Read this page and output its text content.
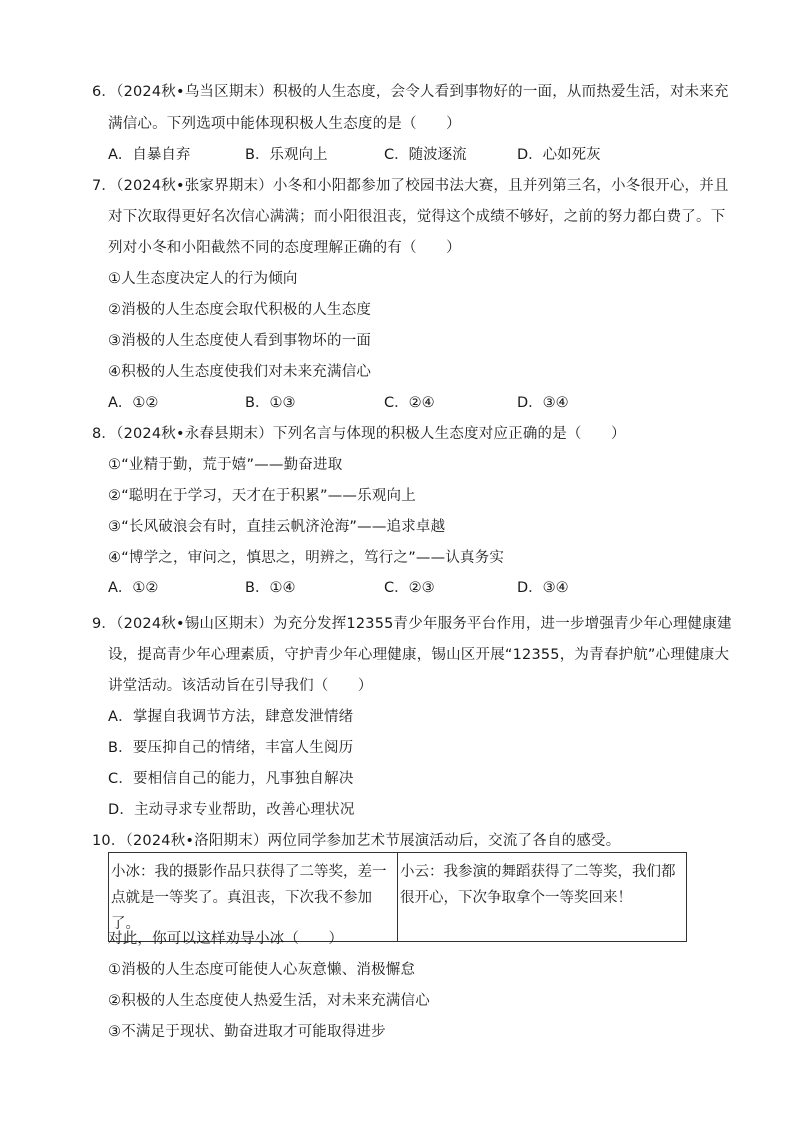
6．（2024秋•乌当区期末）积极的人生态度，会令人看到事物好的一面，从而热爱生活，对未来充
满信心。下列选项中能体现积极人生态度的是（　　）
A．自暴自弃	B．乐观向上	C．随波逐流	D．心如死灰
7．（2024秋•张家界期末）小冬和小阳都参加了校园书法大赛，且并列第三名，小冬很开心，并且
对下次取得更好名次信心满满；而小阳很沮丧，觉得这个成绩不够好，之前的努力都白费了。下
列对小冬和小阳截然不同的态度理解正确的有（　　）
①人生态度决定人的行为倾向
②消极的人生态度会取代积极的人生态度
③消极的人生态度使人看到事物坏的一面
④积极的人生态度使我们对未来充满信心
A．①②	B．①③	C．②④	D．③④
8．（2024秋•永春县期末）下列名言与体现的积极人生态度对应正确的是（　　）
①“业精于勤，荒于嬉”——勤奋进取
②“聪明在于学习，天才在于积累”——乐观向上
③“长风破浪会有时，直挂云帆济沧海”——追求卓越
④“博学之，审问之，慎思之，明辨之，笃行之”——认真务实
A．①②	B．①④	C．②③	D．③④
9．（2024秋•锡山区期末）为充分发挥12355青少年服务平台作用，进一步增强青少年心理健康建
设，提高青少年心理素质，守护青少年心理健康，锡山区开展“12355，为青春护航”心理健康大
讲堂活动。该活动旨在引导我们（　　）
A．掌握自我调节方法，肆意发泄情绪
B．要压抑自己的情绪，丰富人生阅历
C．要相信自己的能力，凡事独自解决
D．主动寻求专业帮助，改善心理状况
10．（2024秋•洛阳期末）两位同学参加艺术节展演活动后，交流了各自的感受。
小冰：我的摄影作品只获得了二等奖，差一点就是一等奖了。真沮丧，下次我不参加了。	小云：我参演的舞蹈获得了二等奖，我们都很开心，下次争取拿个一等奖回来！
对此，你可以这样劝导小冰（　　）
①消极的人生态度可能使人心灰意懒、消极懈怠
②积极的人生态度使人热爱生活，对未来充满信心
③不满足于现状、勤奋进取才可能取得进步
